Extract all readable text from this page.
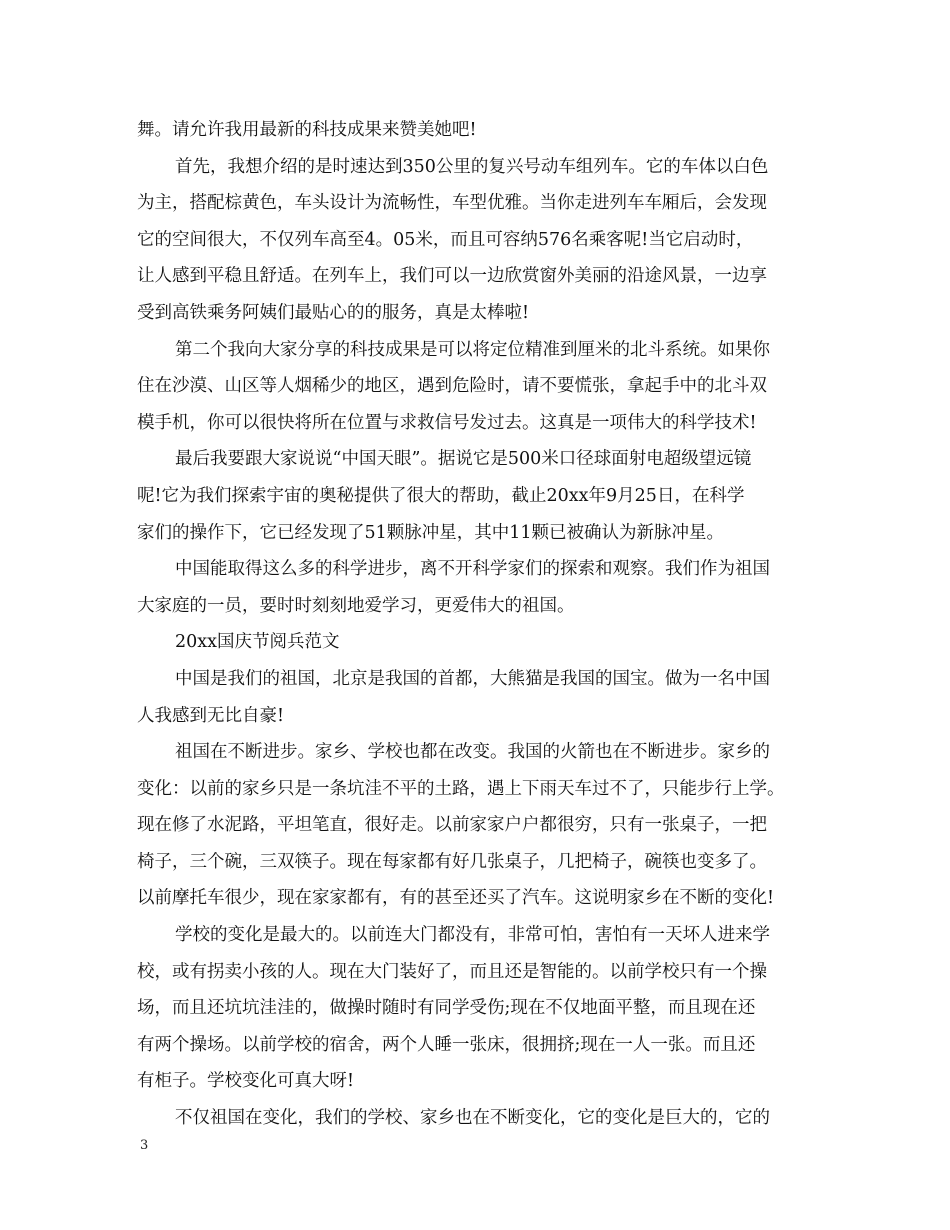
舞。请允许我用最新的科技成果来赞美她吧!
首先，我想介绍的是时速达到350公里的复兴号动车组列车。它的车体以白色
为主，搭配棕黄色，车头设计为流畅性，车型优雅。当你走进列车车厢后，会发现
它的空间很大，不仅列车高至4。05米，而且可容纳576名乘客呢!当它启动时，
让人感到平稳且舒适。在列车上，我们可以一边欣赏窗外美丽的沿途风景，一边享
受到高铁乘务阿姨们最贴心的的服务，真是太棒啦!
第二个我向大家分享的科技成果是可以将定位精准到厘米的北斗系统。如果你
住在沙漠、山区等人烟稀少的地区，遇到危险时，请不要慌张，拿起手中的北斗双
模手机，你可以很快将所在位置与求救信号发过去。这真是一项伟大的科学技术!
最后我要跟大家说说“中国天眼”。据说它是500米口径球面射电超级望远镜
呢!它为我们探索宇宙的奥秘提供了很大的帮助，截止20xx年9月25日，在科学
家们的操作下，它已经发现了51颗脉冲星，其中11颗已被确认为新脉冲星。
中国能取得这么多的科学进步，离不开科学家们的探索和观察。我们作为祖国
大家庭的一员，要时时刻刻地爱学习，更爱伟大的祖国。
20xx国庆节阅兵范文
中国是我们的祖国，北京是我国的首都，大熊猫是我国的国宝。做为一名中国
人我感到无比自豪!
祖国在不断进步。家乡、学校也都在改变。我国的火箭也在不断进步。家乡的
变化：以前的家乡只是一条坑洼不平的土路，遇上下雨天车过不了，只能步行上学。
现在修了水泥路，平坦笔直，很好走。以前家家户户都很穷，只有一张桌子，一把
椅子，三个碗，三双筷子。现在每家都有好几张桌子，几把椅子，碗筷也变多了。
以前摩托车很少，现在家家都有，有的甚至还买了汽车。这说明家乡在不断的变化!
学校的变化是最大的。以前连大门都没有，非常可怕，害怕有一天坏人进来学
校，或有拐卖小孩的人。现在大门装好了，而且还是智能的。以前学校只有一个操
场，而且还坑坑洼洼的，做操时随时有同学受伤;现在不仅地面平整，而且现在还
有两个操场。以前学校的宿舍，两个人睡一张床，很拥挤;现在一人一张。而且还
有柜子。学校变化可真大呀!
不仅祖国在变化，我们的学校、家乡也在不断变化，它的变化是巨大的，它的
3
